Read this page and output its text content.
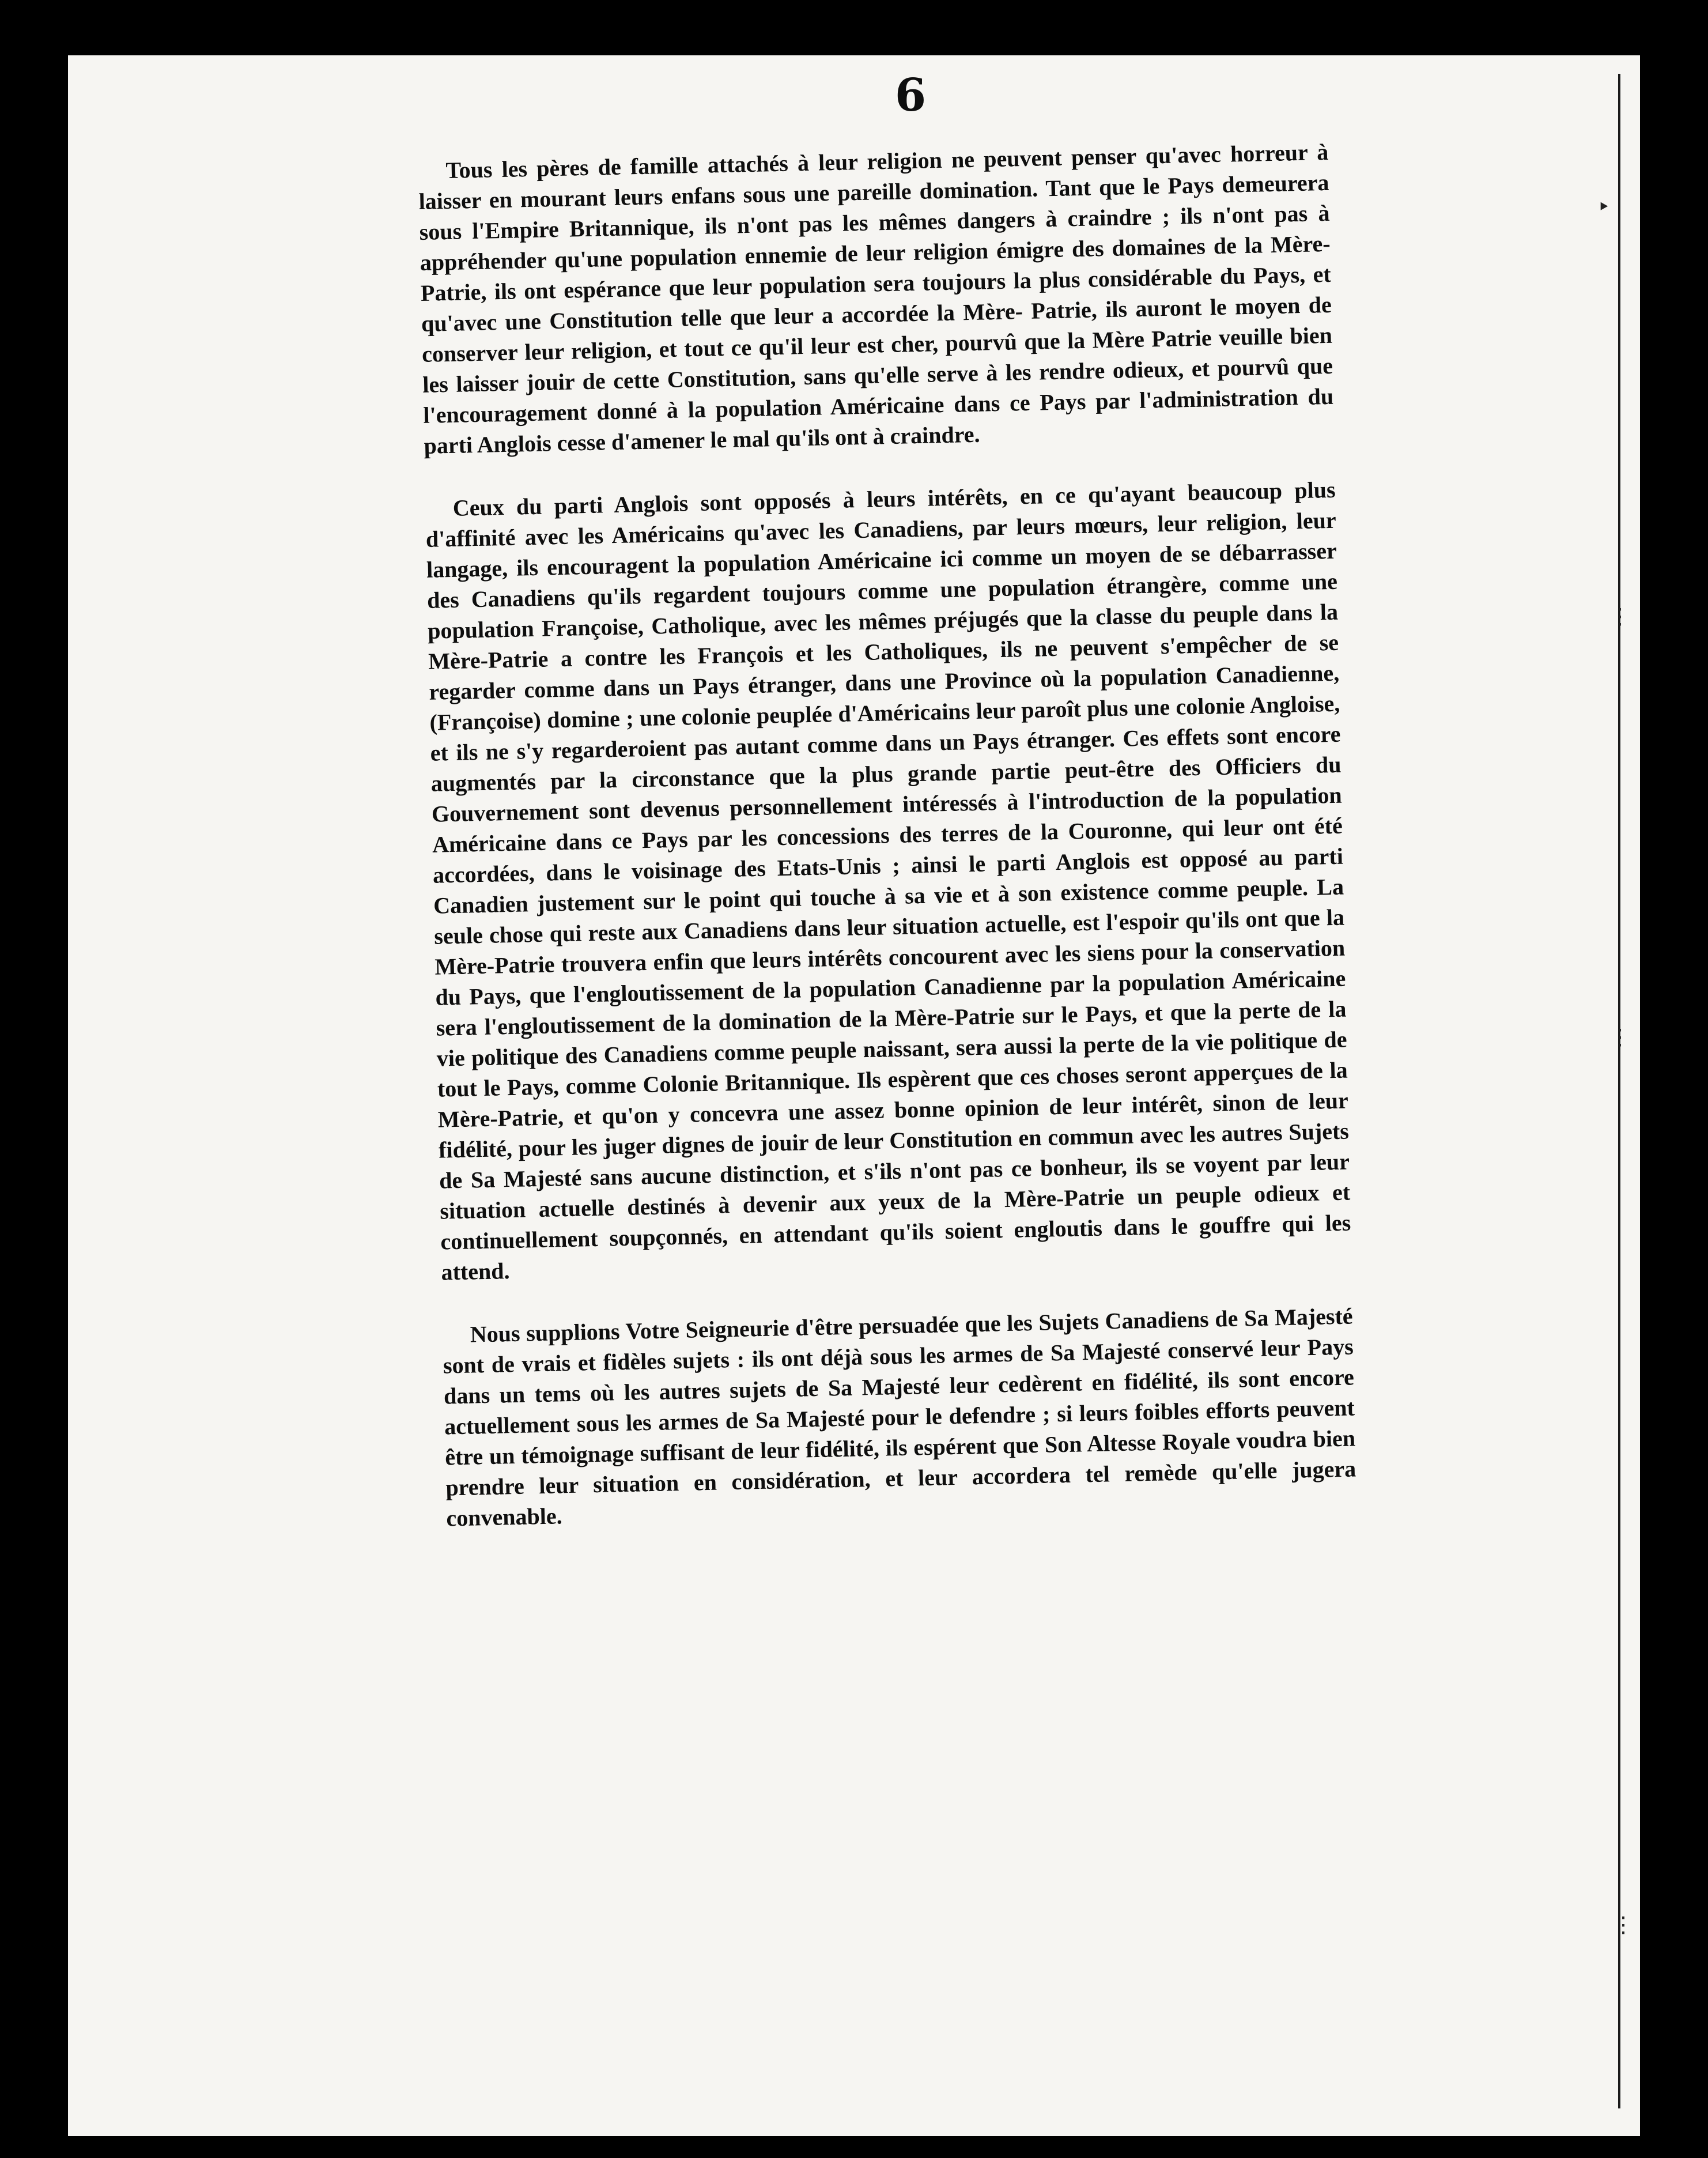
‣
⋮
⋮
⋮
6

Tous les pères de famille attachés à leur religion ne peuvent penser qu'avec horreur à laisser en mourant leurs enfans sous une pareille domination. Tant que le Pays demeurera sous l'Empire Britannique, ils n'ont pas les mêmes dangers à craindre ; ils n'ont pas à appréhender qu'une population ennemie de leur religion émigre des domaines de la Mère- Patrie, ils ont espérance que leur population sera toujours la plus considérable du Pays, et qu'avec une Constitution telle que leur a accordée la Mère- Patrie, ils auront le moyen de conserver leur religion, et tout ce qu'il leur est cher, pourvû que la Mère Patrie veuille bien les laisser jouir de cette Constitution, sans qu'elle serve à les rendre odieux, et pourvû que l'encouragement donné à la population Américaine dans ce Pays par l'administration du parti Anglois cesse d'amener le mal qu'ils ont à craindre.

Ceux du parti Anglois sont opposés à leurs intérêts, en ce qu'ayant beaucoup plus d'affinité avec les Américains qu'avec les Canadiens, par leurs mœurs, leur religion, leur langage, ils encouragent la population Américaine ici comme un moyen de se débarrasser des Canadiens qu'ils regardent toujours comme une population étrangère, comme une population Françoise, Catholique, avec les mêmes préjugés que la classe du peuple dans la Mère-Patrie a contre les François et les Catholiques, ils ne peuvent s'empêcher de se regarder comme dans un Pays étranger, dans une Province où la population Canadienne, (Françoise) domine ; une colonie peuplée d'Américains leur paroît plus une colonie Angloise, et ils ne s'y regarderoient pas autant comme dans un Pays étranger. Ces effets sont encore augmentés par la circonstance que la plus grande partie peut-être des Officiers du Gouvernement sont devenus personnellement intéressés à l'introduction de la population Américaine dans ce Pays par les concessions des terres de la Couronne, qui leur ont été accordées, dans le voisinage des Etats-Unis ; ainsi le parti Anglois est opposé au parti Canadien justement sur le point qui touche à sa vie et à son existence comme peuple. La seule chose qui reste aux Canadiens dans leur situation actuelle, est l'espoir qu'ils ont que la Mère-Patrie trouvera enfin que leurs intérêts concourent avec les siens pour la conservation du Pays, que l'engloutissement de la population Canadienne par la population Américaine sera l'engloutissement de la domination de la Mère-Patrie sur le Pays, et que la perte de la vie politique des Canadiens comme peuple naissant, sera aussi la perte de la vie politique de tout le Pays, comme Colonie Britannique. Ils espèrent que ces choses seront apperçues de la Mère-Patrie, et qu'on y concevra une assez bonne opinion de leur intérêt, sinon de leur fidélité, pour les juger dignes de jouir de leur Constitution en commun avec les autres Sujets de Sa Majesté sans aucune distinction, et s'ils n'ont pas ce bonheur, ils se voyent par leur situation actuelle destinés à devenir aux yeux de la Mère-Patrie un peuple odieux et continuellement soupçonnés, en attendant qu'ils soient engloutis dans le gouffre qui les attend.

Nous supplions Votre Seigneurie d'être persuadée que les Sujets Canadiens de Sa Majesté sont de vrais et fidèles sujets : ils ont déjà sous les armes de Sa Majesté conservé leur Pays dans un tems où les autres sujets de Sa Majesté leur cedèrent en fidélité, ils sont encore actuellement sous les armes de Sa Majesté pour le defendre ; si leurs foibles efforts peuvent être un témoignage suffisant de leur fidélité, ils espérent que Son Altesse Royale voudra bien prendre leur situation en considération, et leur accordera tel remède qu'elle jugera convenable.
